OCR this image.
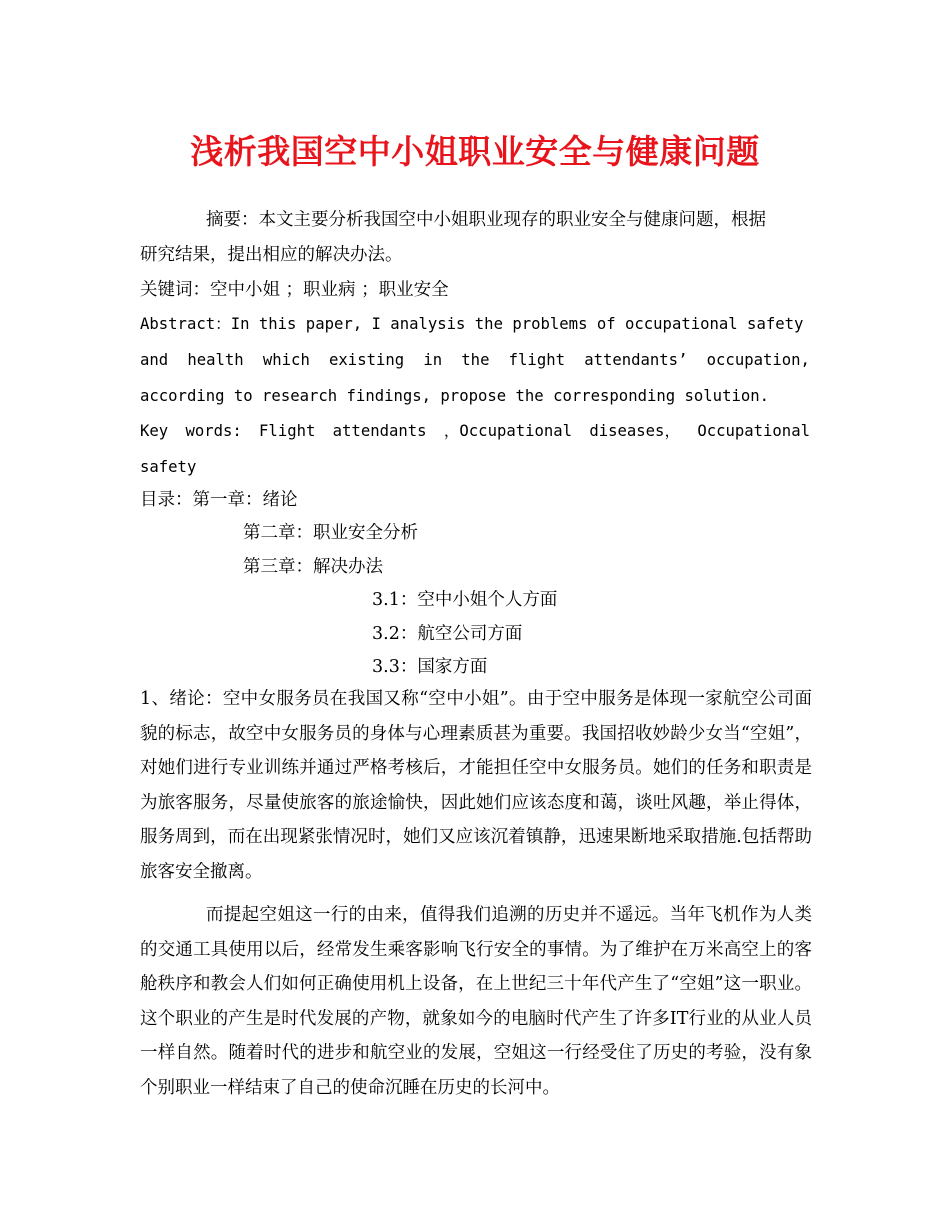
浅析我国空中小姐职业安全与健康问题
摘要：本文主要分析我国空中小姐职业现存的职业安全与健康问题，根据
研究结果，提出相应的解决办法。
关键词：空中小姐 ；职业病 ；职业安全
Abstract：In this paper, I analysis the problems of occupational safety
and health which existing in the flight attendants’ occupation,
according to research findings, propose the corresponding solution.
Key words: Flight attendants ，Occupational diseases， Occupational
safety
目录：第一章：绪论
第二章：职业安全分析
第三章：解决办法
3.1：空中小姐个人方面
3.2：航空公司方面
3.3：国家方面
1、绪论：空中女服务员在我国又称“空中小姐”。由于空中服务是体现一家航空公司面貌的标志，故空中女服务员的身体与心理素质甚为重要。我国招收妙龄少女当“空姐”，对她们进行专业训练并通过严格考核后，才能担任空中女服务员。她们的任务和职责是为旅客服务，尽量使旅客的旅途愉快，因此她们应该态度和蔼，谈吐风趣，举止得体，服务周到，而在出现紧张情况时，她们又应该沉着镇静，迅速果断地采取措施.包括帮助旅客安全撤离。
而提起空姐这一行的由来，值得我们追溯的历史并不遥远。当年飞机作为人类的交通工具使用以后，经常发生乘客影响飞行安全的事情。为了维护在万米高空上的客舱秩序和教会人们如何正确使用机上设备，在上世纪三十年代产生了“空姐”这一职业。这个职业的产生是时代发展的产物，就象如今的电脑时代产生了许多IT行业的从业人员一样自然。随着时代的进步和航空业的发展，空姐这一行经受住了历史的考验，没有象个别职业一样结束了自己的使命沉睡在历史的长河中。
